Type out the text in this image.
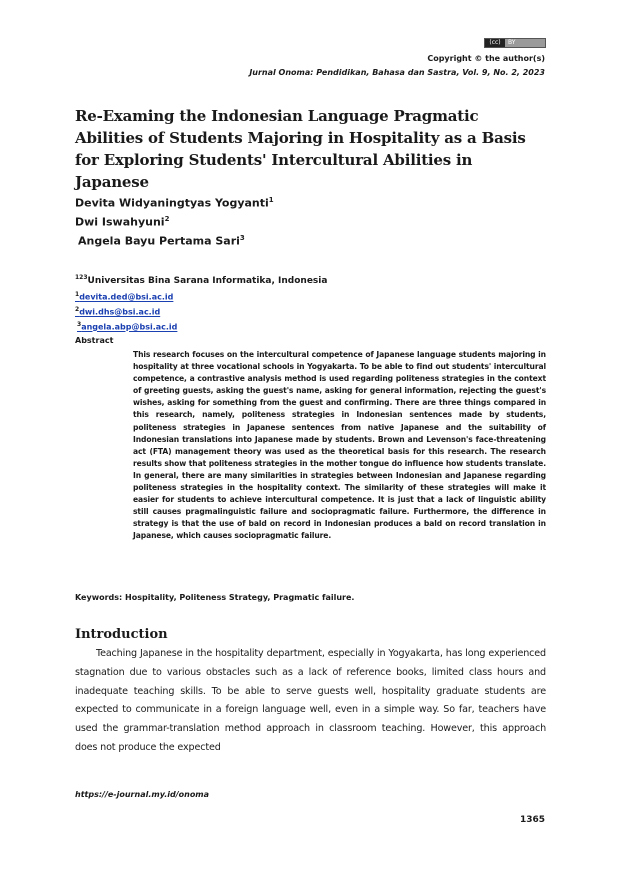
(cc)	BY
Copyright © the author(s)
Jurnal Onoma: Pendidikan, Bahasa dan Sastra, Vol. 9, No. 2, 2023
Re-Examing the Indonesian Language Pragmatic Abilities of Students Majoring in Hospitality as a Basis for Exploring Students' Intercultural Abilities in Japanese
Devita Widyaningtyas Yogyanti$^1$
Dwi Iswahyuni$^2$
Angela Bayu Pertama Sari$^3$
$^{123}$Universitas Bina Sarana Informatika, Indonesia
$^1$devita.ded@bsi.ac.id
$^2$dwi.dhs@bsi.ac.id
$^3$angela.abp@bsi.ac.id
Abstract
This research focuses on the intercultural competence of Japanese language students majoring in hospitality at three vocational schools in Yogyakarta. To be able to find out students' intercultural competence, a contrastive analysis method is used regarding politeness strategies in the context of greeting guests, asking the guest's name, asking for general information, rejecting the guest's wishes, asking for something from the guest and confirming. There are three things compared in this research, namely, politeness strategies in Indonesian sentences made by students, politeness strategies in Japanese sentences from native Japanese and the suitability of Indonesian translations into Japanese made by students. Brown and Levenson's face-threatening act (FTA) management theory was used as the theoretical basis for this research. The research results show that politeness strategies in the mother tongue do influence how students translate. In general, there are many similarities in strategies between Indonesian and Japanese regarding politeness strategies in the hospitality context. The similarity of these strategies will make it easier for students to achieve intercultural competence. It is just that a lack of linguistic ability still causes pragmalinguistic failure and sociopragmatic failure. Furthermore, the difference in strategy is that the use of bald on record in Indonesian produces a bald on record translation in Japanese, which causes sociopragmatic failure.
Keywords: Hospitality, Politeness Strategy, Pragmatic failure.
Introduction
Teaching Japanese in the hospitality department, especially in Yogyakarta, has long experienced stagnation due to various obstacles such as a lack of reference books, limited class hours and inadequate teaching skills. To be able to serve guests well, hospitality graduate students are expected to communicate in a foreign language well, even in a simple way. So far, teachers have used the grammar-translation method approach in classroom teaching. However, this approach does not produce the expected
https://e-journal.my.id/onoma
1365
